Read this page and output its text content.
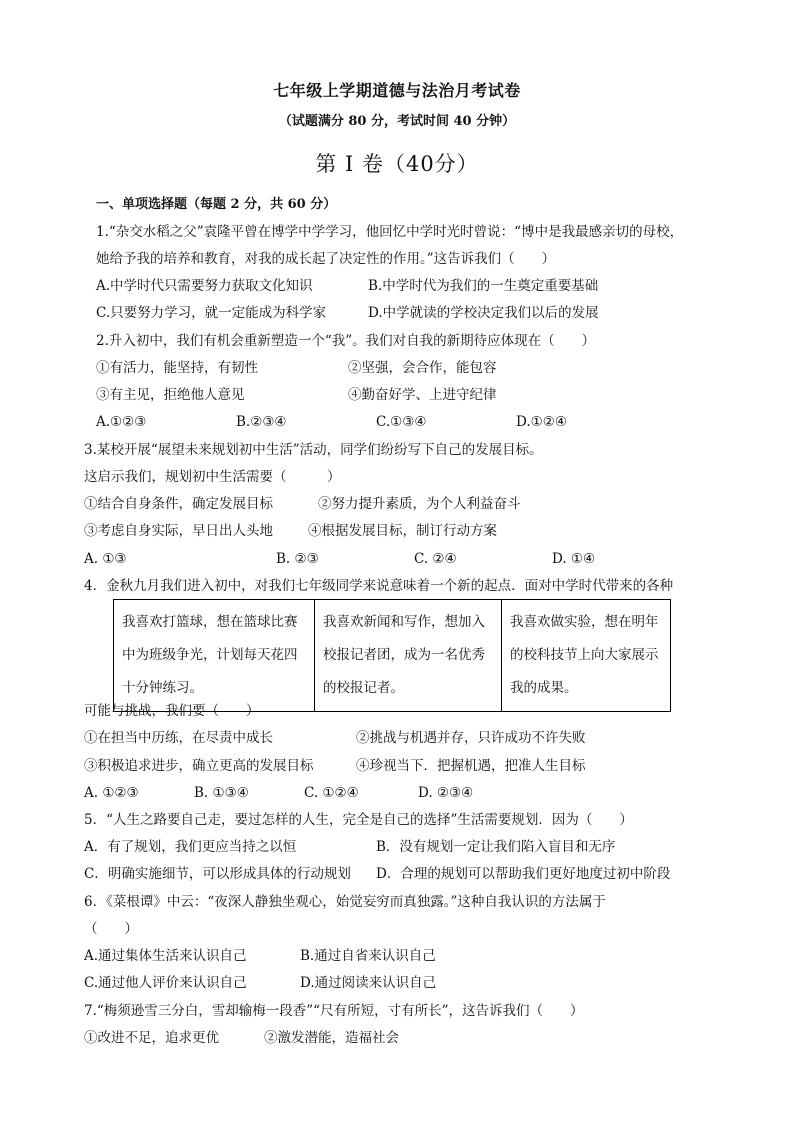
七年级上学期道德与法治月考试卷
（试题满分 80 分，考试时间 40 分钟）
第 I 卷（40分）
一、单项选择题（每题 2 分，共 60 分）
1.“杂交水稻之父”袁隆平曾在博学中学学习，他回忆中学时光时曾说：“博中是我最感亲切的母校，
她给予我的培养和教育，对我的成长起了决定性的作用。”这告诉我们（　　）
A.中学时代只需要努力获取文化知识	B.中学时代为我们的一生奠定重要基础
C.只要努力学习，就一定能成为科学家	D.中学就读的学校决定我们以后的发展
2.升入初中，我们有机会重新塑造一个“我”。我们对自我的新期待应体现在（　　）
①有活力，能坚持，有韧性	②坚强，会合作，能包容
③有主见，拒绝他人意见	④勤奋好学、上进守纪律
A.①②③	B.②③④	C.①③④	D.①②④
3.某校开展“展望未来规划初中生活”活动，同学们纷纷写下自己的发展目标。
这启示我们，规划初中生活需要（　　　）
①结合自身条件，确定发展目标	②努力提升素质，为个人利益奋斗
③考虑自身实际，早日出人头地	④根据发展目标，制订行动方案
A. ①③	B. ②③	C. ②④	D. ①④
4．金秋九月我们进入初中，对我们七年级同学来说意味着一个新的起点．面对中学时代带来的各种
我喜欢打篮球，想在篮球比赛
中为班级争光，计划每天花四
十分钟练习。

我喜欢新闻和写作，想加入
校报记者团，成为一名优秀
的校报记者。

我喜欢做实验，想在明年
的校科技节上向大家展示
我的成果。
可能与挑战，我们要（　　）
①在担当中历练，在尽责中成长	②挑战与机遇并存，只许成功不许失败
③积极追求进步，确立更高的发展目标	④珍视当下．把握机遇，把准人生目标
A. ①②③	B. ①③④	C. ①②④	D. ②③④
5．“人生之路要自己走，要过怎样的人生，完全是自己的选择”生活需要规划．因为（　　）
A．有了规划，我们更应当持之以恒	B．没有规划一定让我们陷入盲目和无序
C．明确实施细节，可以形成具体的行动规划 D．合理的规划可以帮助我们更好地度过初中阶段
6．《菜根谭》中云：“夜深人静独坐观心，始觉妄穷而真独露。”这种自我认识的方法属于
（　　）
A.通过集体生活来认识自己	B.通过自省来认识自己
C.通过他人评价来认识自己	D.通过阅读来认识自己
7.“梅须逊雪三分白，雪却输梅一段香”“尺有所短，寸有所长”，这告诉我们（　　）
①改进不足，追求更优	②激发潜能，造福社会
